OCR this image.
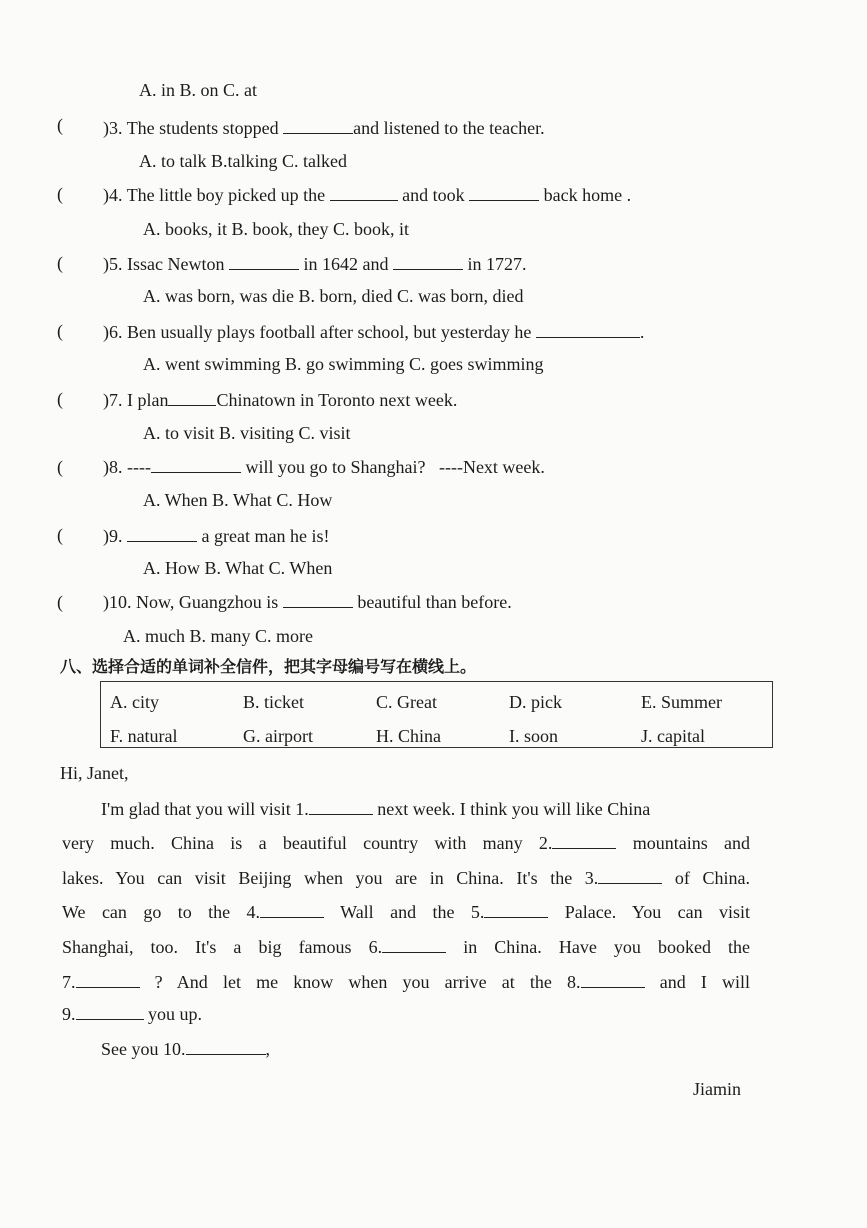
A. in B. on C. at
( )3. The students stopped	and listened to the teacher.
A. to talk B.talking C. talked
( )4. The little boy picked up the	and took	back home .
A. books, it B. book, they C. book, it
( )5. Issac Newton	in 1642 and	in 1727.
A. was born, was die B. born, died C. was born, died
( )6. Ben usually plays football after school, but yesterday he	.
A. went swimming B. go swimming C. goes swimming
( )7. I plan	Chinatown in Toronto next week.
A. to visit B. visiting C. visit
( )8. ----	will you go to Shanghai? ----Next week.
A. When B. What C. How
( )9.	a great man he is!
A. How B. What C. When
( )10. Now, Guangzhou is	beautiful than before.
A. much B. many C. more
八、选择合适的单词补全信件，把其字母编号写在横线上。
A. city	B. ticket	C. Great	D. pick	E. Summer
F. natural	G. airport	H. China	I. soon	J. capital
Hi, Janet,
I'm glad that you will visit 1.	next week. I think you will like China
very much. China is a beautiful country with many 2.	mountains and
lakes. You can visit Beijing when you are in China. It's the 3.	of China.
We can go to the 4.	Wall and the 5.	Palace. You can visit
Shanghai, too. It's a big famous 6.	in China. Have you booked the
7.	? And let me know when you arrive at the 8.	and I will
9.	you up.
See you 10.	,
Jiamin
